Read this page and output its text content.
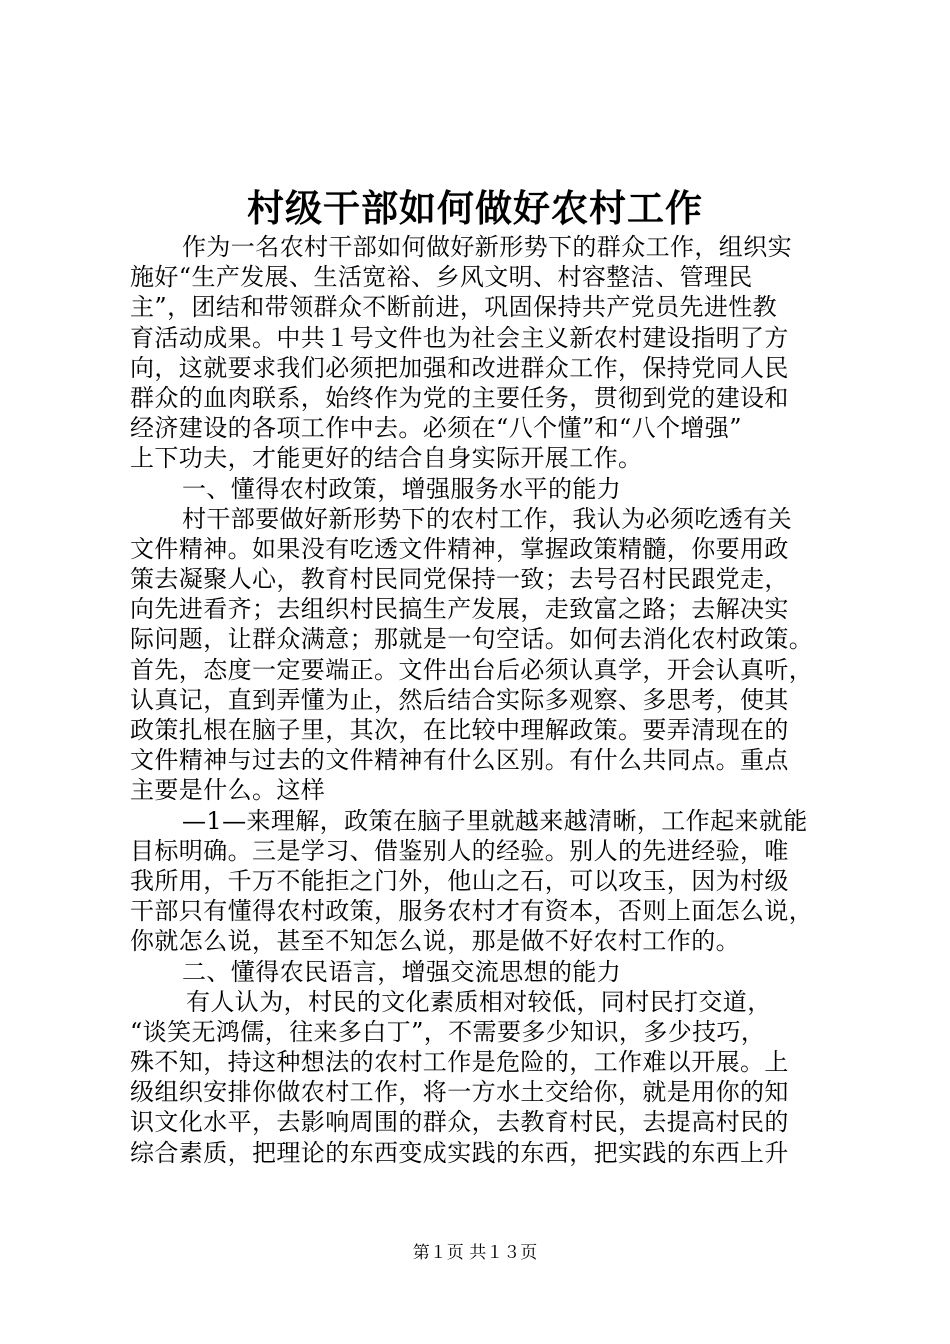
村级干部如何做好农村工作
作为一名农村干部如何做好新形势下的群众工作，组织实
施好“生产发展、生活宽裕、乡风文明、村容整洁、管理民
主”，团结和带领群众不断前进，巩固保持共产党员先进性教
育活动成果。中共１号文件也为社会主义新农村建设指明了方
向，这就要求我们必须把加强和改进群众工作，保持党同人民
群众的血肉联系，始终作为党的主要任务，贯彻到党的建设和
经济建设的各项工作中去。必须在“八个懂”和“八个增强”
上下功夫，才能更好的结合自身实际开展工作。
一、懂得农村政策，增强服务水平的能力
村干部要做好新形势下的农村工作，我认为必须吃透有关
文件精神。如果没有吃透文件精神，掌握政策精髓，你要用政
策去凝聚人心，教育村民同党保持一致；去号召村民跟党走，
向先进看齐；去组织村民搞生产发展，走致富之路；去解决实
际问题，让群众满意；那就是一句空话。如何去消化农村政策。
首先，态度一定要端正。文件出台后必须认真学，开会认真听，
认真记，直到弄懂为止，然后结合实际多观察、多思考，使其
政策扎根在脑子里，其次，在比较中理解政策。要弄清现在的
文件精神与过去的文件精神有什么区别。有什么共同点。重点
主要是什么。这样
—1—来理解，政策在脑子里就越来越清晰，工作起来就能
目标明确。三是学习、借鉴别人的经验。别人的先进经验，唯
我所用，千万不能拒之门外，他山之石，可以攻玉，因为村级
干部只有懂得农村政策，服务农村才有资本，否则上面怎么说，
你就怎么说，甚至不知怎么说，那是做不好农村工作的。
二、懂得农民语言，增强交流思想的能力
有人认为，村民的文化素质相对较低，同村民打交道，
“谈笑无鸿儒，往来多白丁”，不需要多少知识，多少技巧，
殊不知，持这种想法的农村工作是危险的，工作难以开展。上
级组织安排你做农村工作，将一方水土交给你，就是用你的知
识文化水平，去影响周围的群众，去教育村民，去提高村民的
综合素质，把理论的东西变成实践的东西，把实践的东西上升
第１页 共１３页
